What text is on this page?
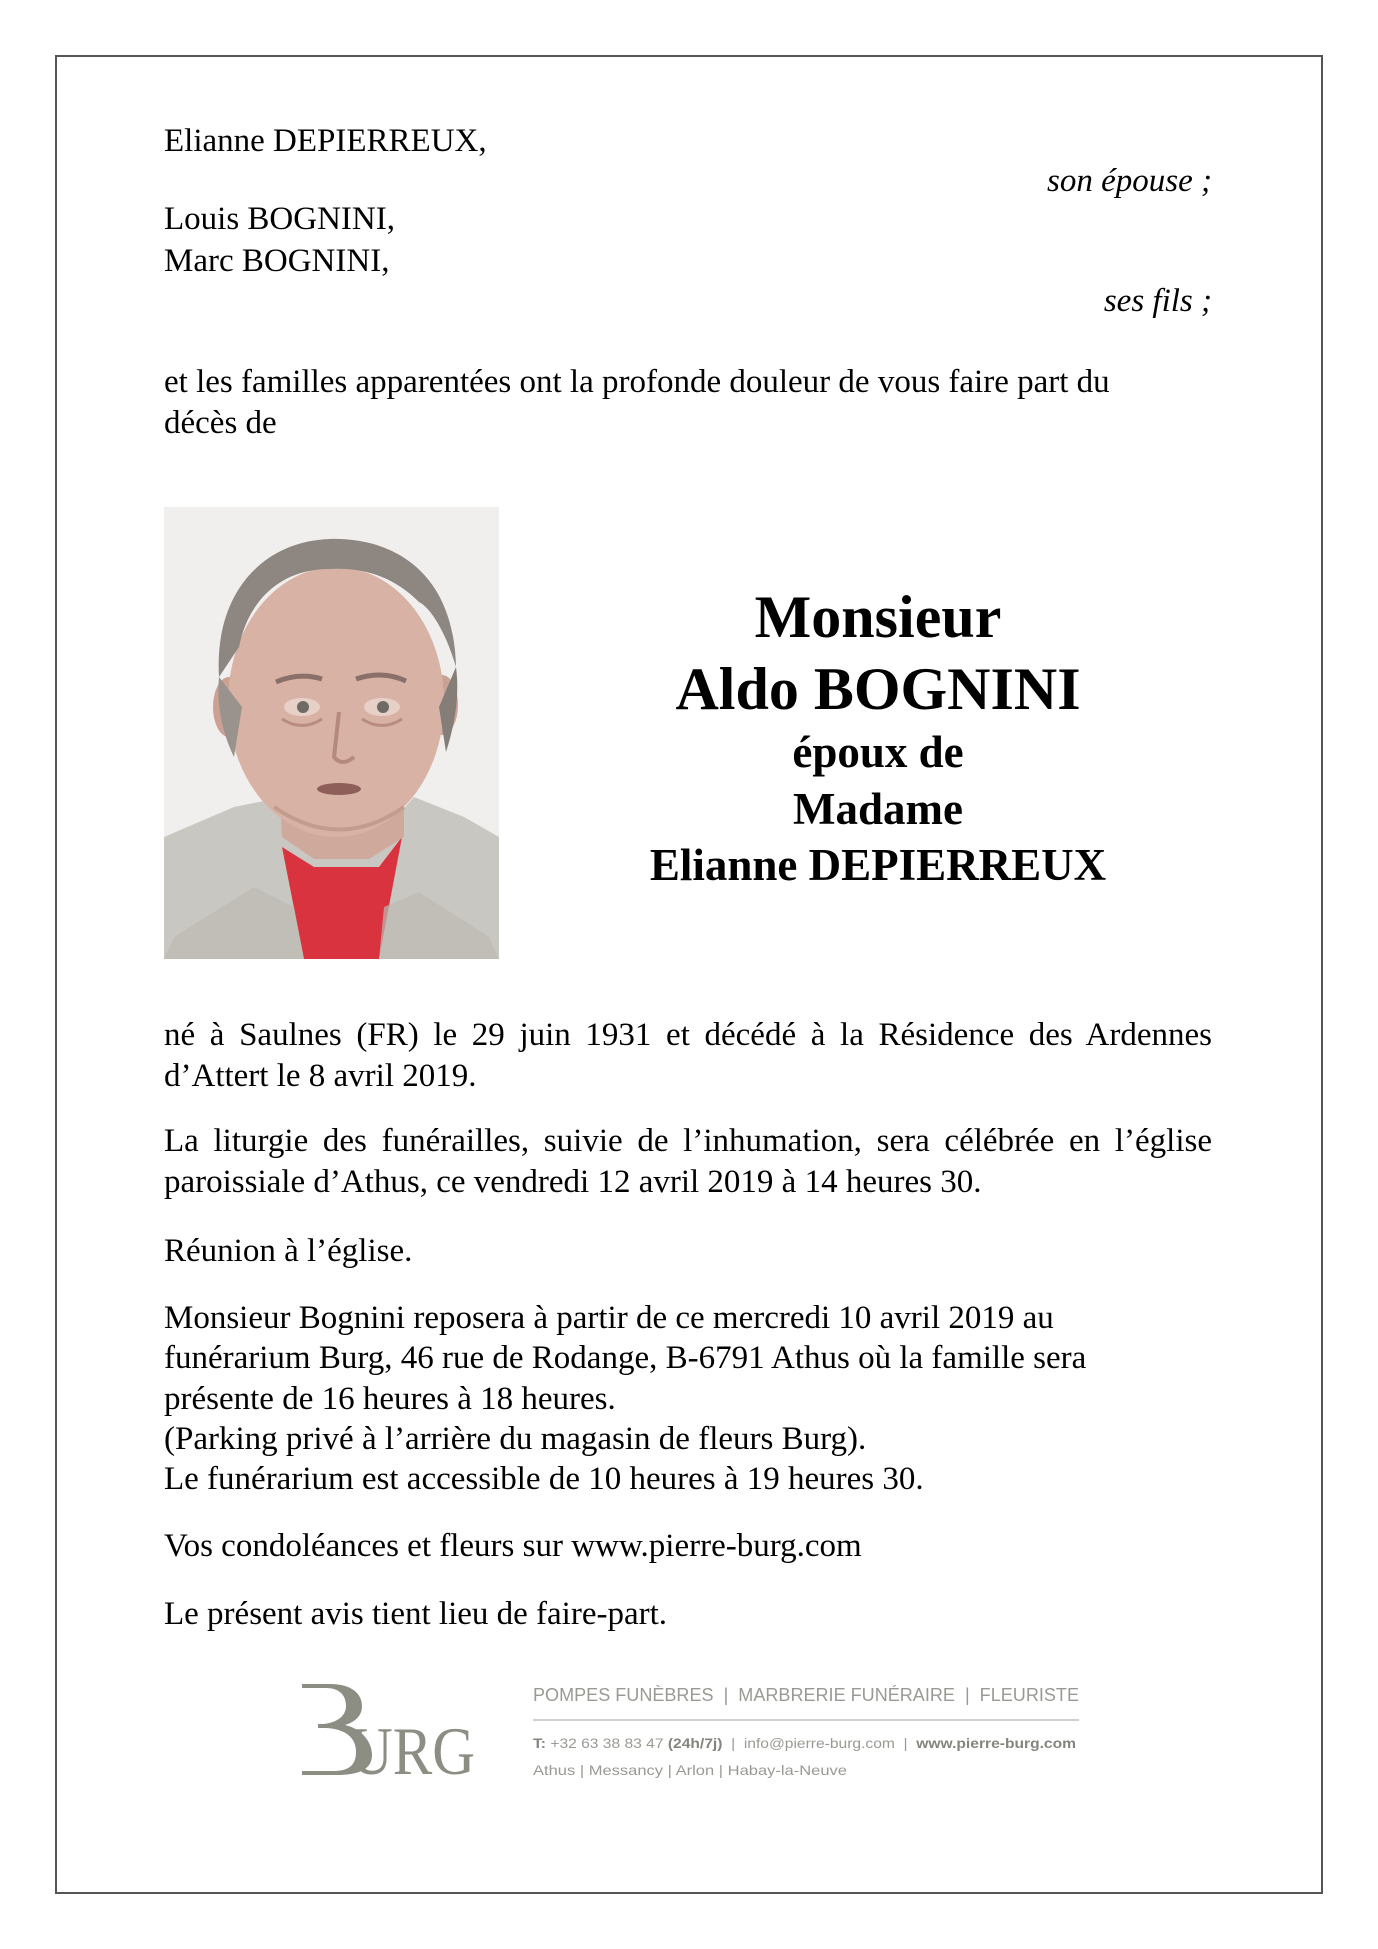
Elianne DEPIERREUX,

son épouse ;

Louis BOGNINI,

Marc BOGNINI,

ses fils ;

et les familles apparentées ont la profonde douleur de vous faire part du

décès de

Monsieur
Aldo BOGNINI
époux de
Madame
Elianne DEPIERREUX

né à Saulnes (FR) le 29 juin 1931 et décédé à la Résidence des Ardennes

d’Attert le 8 avril 2019.

La liturgie des funérailles, suivie de l’inhumation, sera célébrée en l’église

paroissiale d’Athus, ce vendredi 12 avril 2019 à 14 heures 30.

Réunion à l’église.

Monsieur Bognini reposera à partir de ce mercredi 10 avril 2019 au

funérarium Burg, 46 rue de Rodange, B-6791 Athus où la famille sera

présente de 16 heures à 18 heures.

(Parking privé à l’arrière du magasin de fleurs Burg).

Le funérarium est accessible de 10 heures à 19 heures 30.

Vos condoléances et fleurs sur www.pierre-burg.com

Le présent avis tient lieu de faire-part.

URG
POMPES FUNÈBRES  |  MARBRERIE FUNÉRAIRE  |  FLEURISTE
T: +32 63 38 83 47 (24h/7j)  |  info@pierre-burg.com  |  www.pierre-burg.com
Athus | Messancy | Arlon | Habay-la-Neuve
